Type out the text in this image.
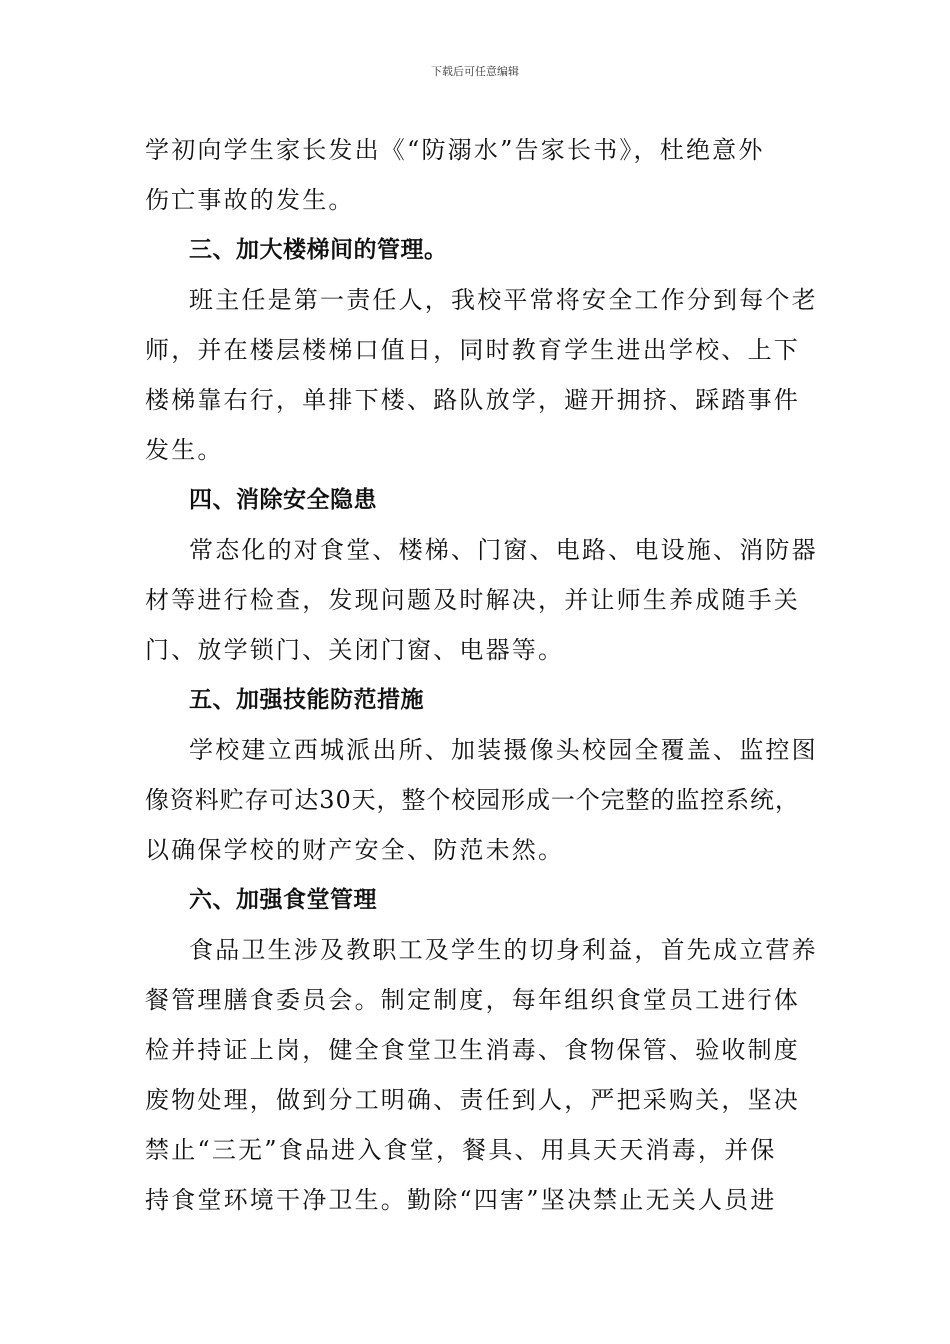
下载后可任意编辑
学初向学生家长发出《“防溺水”告家长书》，杜绝意外
伤亡事故的发生。
三、加大楼梯间的管理。
班主任是第一责任人，我校平常将安全工作分到每个老
师，并在楼层楼梯口值日，同时教育学生进出学校、上下
楼梯靠右行，单排下楼、路队放学，避开拥挤、踩踏事件
发生。
四、消除安全隐患
常态化的对食堂、楼梯、门窗、电路、电设施、消防器
材等进行检查，发现问题及时解决，并让师生养成随手关
门、放学锁门、关闭门窗、电器等。
五、加强技能防范措施
学校建立西城派出所、加装摄像头校园全覆盖、监控图
像资料贮存可达30天，整个校园形成一个完整的监控系统，
以确保学校的财产安全、防范未然。
六、加强食堂管理
食品卫生涉及教职工及学生的切身利益，首先成立营养
餐管理膳食委员会。制定制度，每年组织食堂员工进行体
检并持证上岗，健全食堂卫生消毒、食物保管、验收制度
废物处理，做到分工明确、责任到人，严把采购关，坚决
禁止“三无”食品进入食堂，餐具、用具天天消毒，并保
持食堂环境干净卫生。勤除“四害”坚决禁止无关人员进
